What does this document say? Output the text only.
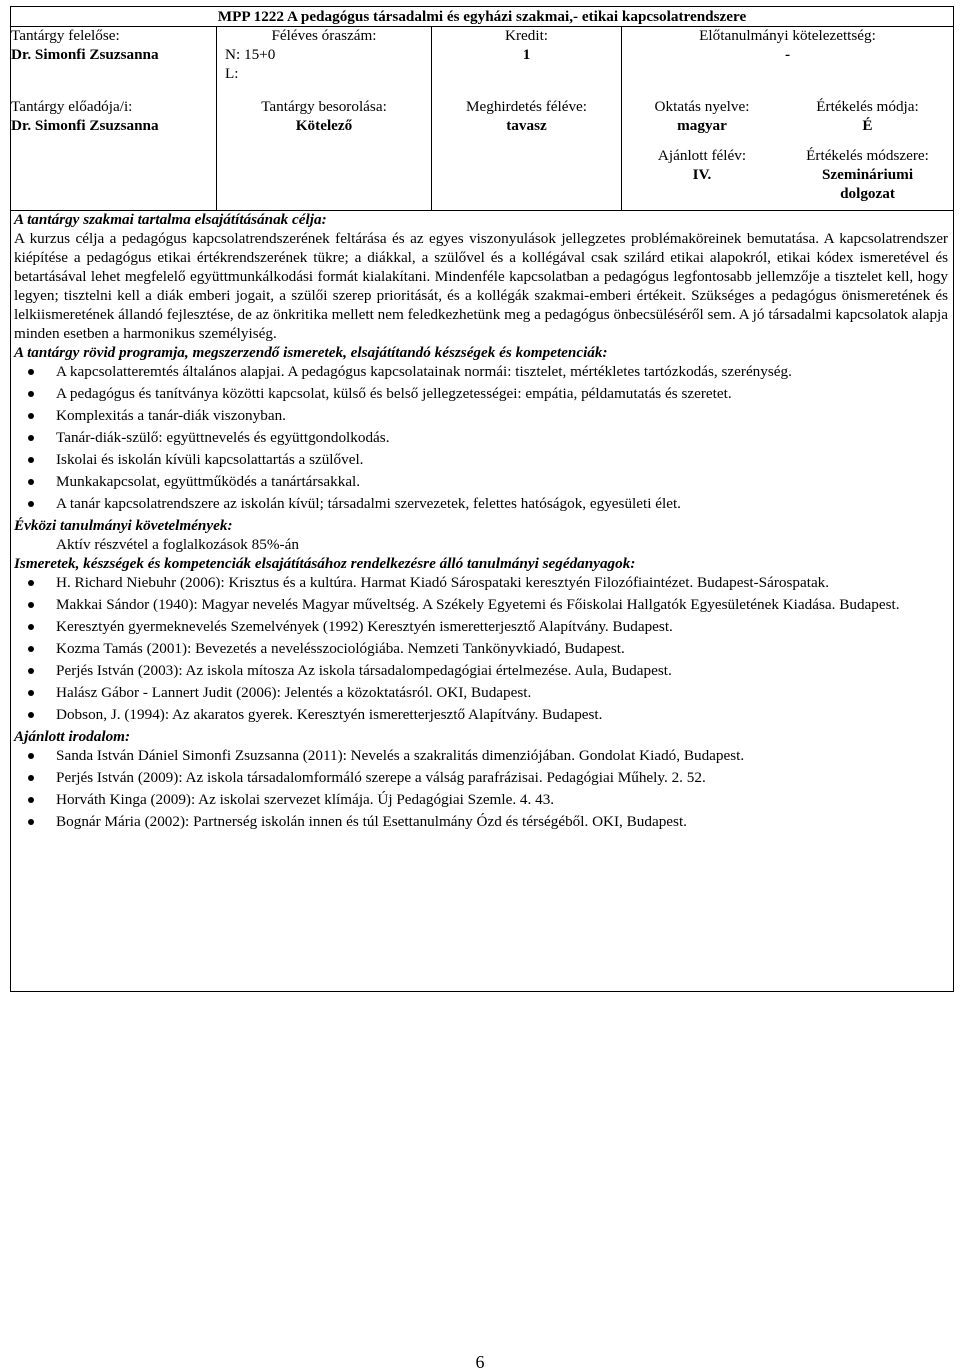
MPP 1222 A pedagógus társadalmi és egyházi szakmai,- etikai kapcsolatrendszere
Tantárgy felelőse:
Dr. Simonfi Zsuzsanna
Féléves óraszám:
N: 15+0
L:
Kredit:
1
Előtanulmányi kötelezettség:
-
Tantárgy előadója/i:
Dr. Simonfi Zsuzsanna
Tantárgy besorolása:
Kötelező
Meghirdetés féléve:
tavasz
Oktatás nyelve:
magyar
Értékelés módja:
É
Ajánlott félév:
IV.
Értékelés módszere:
Szemináriumi
dolgozat

A tantárgy szakmai tartalma elsajátításának célja:

A kurzus célja a pedagógus kapcsolatrendszerének feltárása és az egyes viszonyulások jellegzetes problémaköreinek bemutatása. A kapcsolatrendszer kiépítése a pedagógus etikai értékrendszerének tükre; a diákkal, a szülővel és a kollégával csak szilárd etikai alapokról, etikai kódex ismeretével és betartásával lehet megfelelő együttmunkálkodási formát kialakítani. Mindenféle kapcsolatban a pedagógus legfontosabb jellemzője a tisztelet kell, hogy legyen; tisztelni kell a diák emberi jogait, a szülői szerep prioritását, és a kollégák szakmai-emberi értékeit. Szükséges a pedagógus önismeretének és lelkiismeretének állandó fejlesztése, de az önkritika mellett nem feledkezhetünk meg a pedagógus önbecsüléséről sem. A jó társadalmi kapcsolatok alapja minden esetben a harmonikus személyiség.

A tantárgy rövid programja, megszerzendő ismeretek, elsajátítandó készségek és kompetenciák:

A kapcsolatteremtés általános alapjai. A pedagógus kapcsolatainak normái: tisztelet, mértékletes tartózkodás, szerénység.
A pedagógus és tanítványa közötti kapcsolat, külső és belső jellegzetességei: empátia, példamutatás és szeretet.
Komplexitás a tanár-diák viszonyban.
Tanár-diák-szülő: együttnevelés és együttgondolkodás.
Iskolai és iskolán kívüli kapcsolattartás a szülővel.
Munkakapcsolat, együttműködés a tanártársakkal.
A tanár kapcsolatrendszere az iskolán kívül; társadalmi szervezetek, felettes hatóságok, egyesületi élet.

Évközi tanulmányi követelmények:

Aktív részvétel a foglalkozások 85%-án

Ismeretek, készségek és kompetenciák elsajátításához rendelkezésre álló tanulmányi segédanyagok:

H. Richard Niebuhr (2006): Krisztus és a kultúra. Harmat Kiadó Sárospataki keresztyén Filozófiaintézet. Budapest-Sárospatak.
Makkai Sándor (1940): Magyar nevelés Magyar műveltség. A Székely Egyetemi és Főiskolai Hallgatók Egyesületének Kiadása. Budapest.
Keresztyén gyermeknevelés Szemelvények (1992) Keresztyén ismeretterjesztő Alapítvány. Budapest.
Kozma Tamás (2001): Bevezetés a nevelésszociológiába. Nemzeti Tankönyvkiadó, Budapest.
Perjés István (2003): Az iskola mítosza Az iskola társadalompedagógiai értelmezése. Aula, Budapest.
Halász Gábor - Lannert Judit (2006): Jelentés a közoktatásról. OKI, Budapest.
Dobson, J. (1994): Az akaratos gyerek. Keresztyén ismeretterjesztő Alapítvány. Budapest.

Ajánlott irodalom:

Sanda István Dániel Simonfi Zsuzsanna (2011): Nevelés a szakralitás dimenziójában. Gondolat Kiadó, Budapest.
Perjés István (2009): Az iskola társadalomformáló szerepe a válság parafrázisai. Pedagógiai Műhely. 2. 52.
Horváth Kinga (2009): Az iskolai szervezet klímája. Új Pedagógiai Szemle. 4. 43.
Bognár Mária (2002): Partnerség iskolán innen és túl Esettanulmány Ózd és térségéből. OKI, Budapest.
6
